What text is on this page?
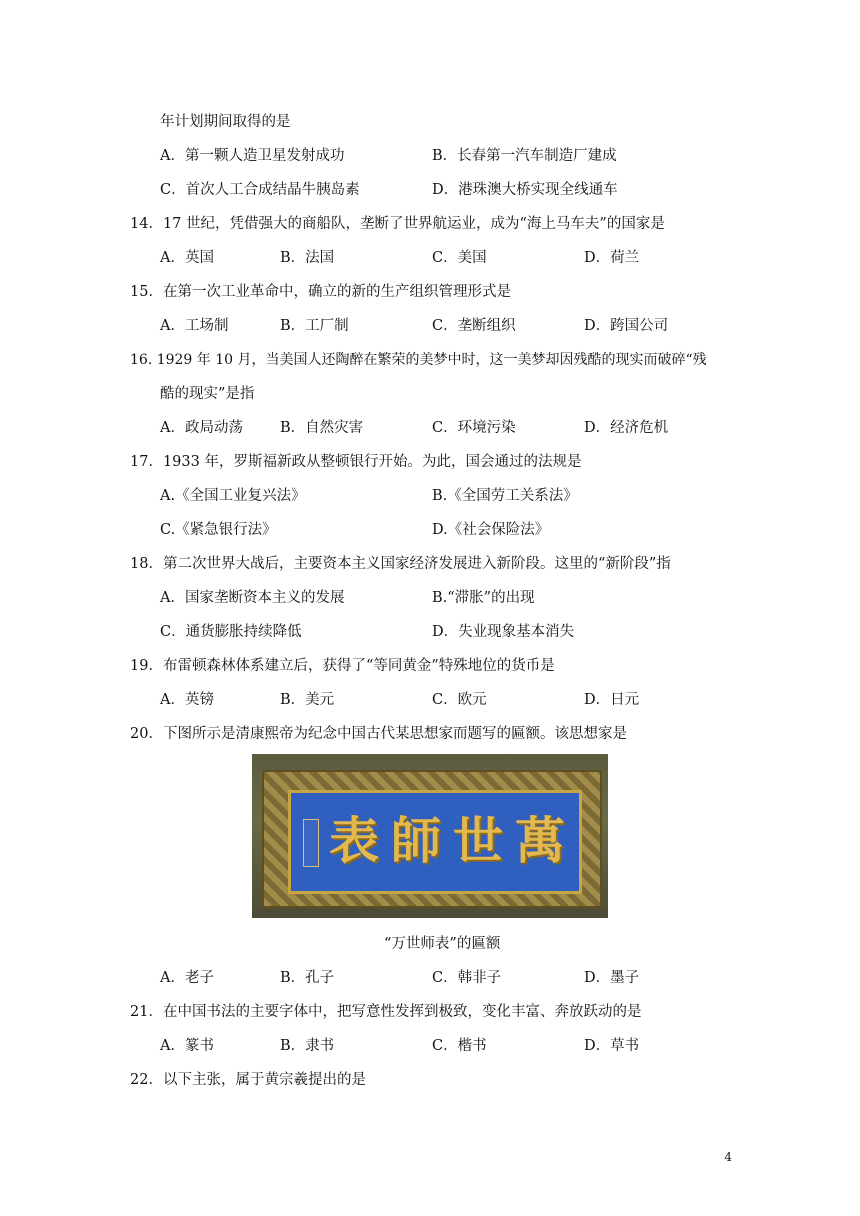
年计划期间取得的是
A．第一颗人造卫星发射成功	B．长春第一汽车制造厂建成
C．首次人工合成结晶牛胰岛素	D．港珠澳大桥实现全线通车
14．17 世纪，凭借强大的商船队，垄断了世界航运业，成为“海上马车夫”的国家是
A．英国	B．法国	C．美国	D．荷兰
15．在第一次工业革命中，确立的新的生产组织管理形式是
A．工场制	B．工厂制	C．垄断组织	D．跨国公司
16. 1929 年 10 月，当美国人还陶醉在繁荣的美梦中时，这一美梦却因残酷的现实而破碎“残
酷的现实”是指
A．政局动荡	B．自然灾害	C．环境污染	D．经济危机
17．1933 年，罗斯福新政从整顿银行开始。为此，国会通过的法规是
A.《全国工业复兴法》	B.《全国劳工关系法》
C.《紧急银行法》	D.《社会保险法》
18．第二次世界大战后，主要资本主义国家经济发展进入新阶段。这里的“新阶段”指
A．国家垄断资本主义的发展	B.“滞胀”的出现
C．通货膨胀持续降低	D．失业现象基本消失
19．布雷顿森林体系建立后，获得了“等同黄金”特殊地位的货币是
A．英镑	B．美元	C．欧元	D．日元
20．下图所示是清康熙帝为纪念中国古代某思想家而题写的匾额。该思想家是
表 師 世 萬
“万世师表”的匾额
A．老子	B．孔子	C．韩非子	D．墨子
21．在中国书法的主要字体中，把写意性发挥到极致，变化丰富、奔放跃动的是
A．篆书	B．隶书	C．楷书	D．草书
22．以下主张，属于黄宗羲提出的是
4
